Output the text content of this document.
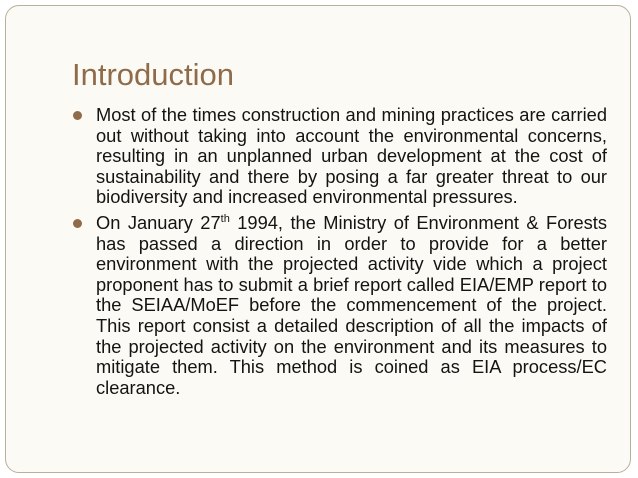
Introduction
Most of the times construction and mining practices are carried out without taking into account the environmental concerns, resulting in an unplanned urban development at the cost of sustainability and there by posing a far greater threat to our biodiversity and increased environmental pressures.
On January 27th 1994, the Ministry of Environment & Forests has passed a direction in order to provide for a better environment with the projected activity vide which a project proponent has to submit a brief report called EIA/EMP report to the SEIAA/MoEF before the commencement of the project. This report consist a detailed description of all the impacts of the projected activity on the environment and its measures to mitigate them. This method is coined as EIA process/EC clearance.
